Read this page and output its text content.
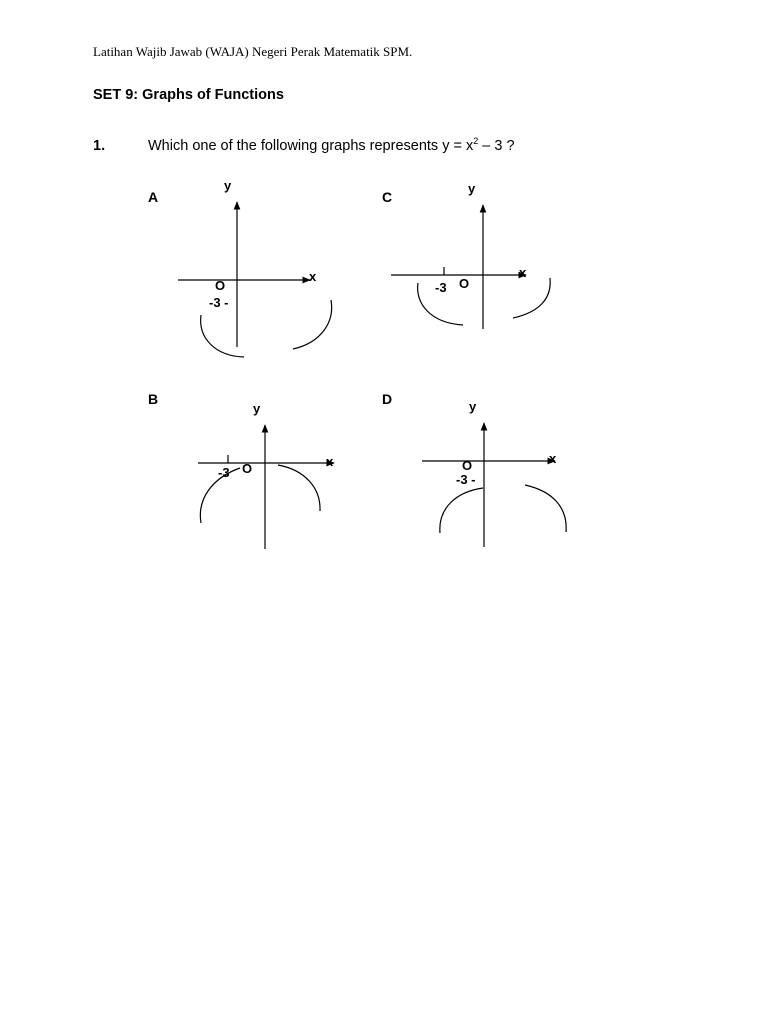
Latihan Wajib Jawab (WAJA) Negeri Perak Matematik SPM.
SET 9: Graphs of Functions
1.	Which one of the following graphs represents $y = x^2 - 3$ ?
A
B
C
D
y
x
O
-3 -
y
x
-3 O
y
x
-3 O
y
x
O
-3 -
